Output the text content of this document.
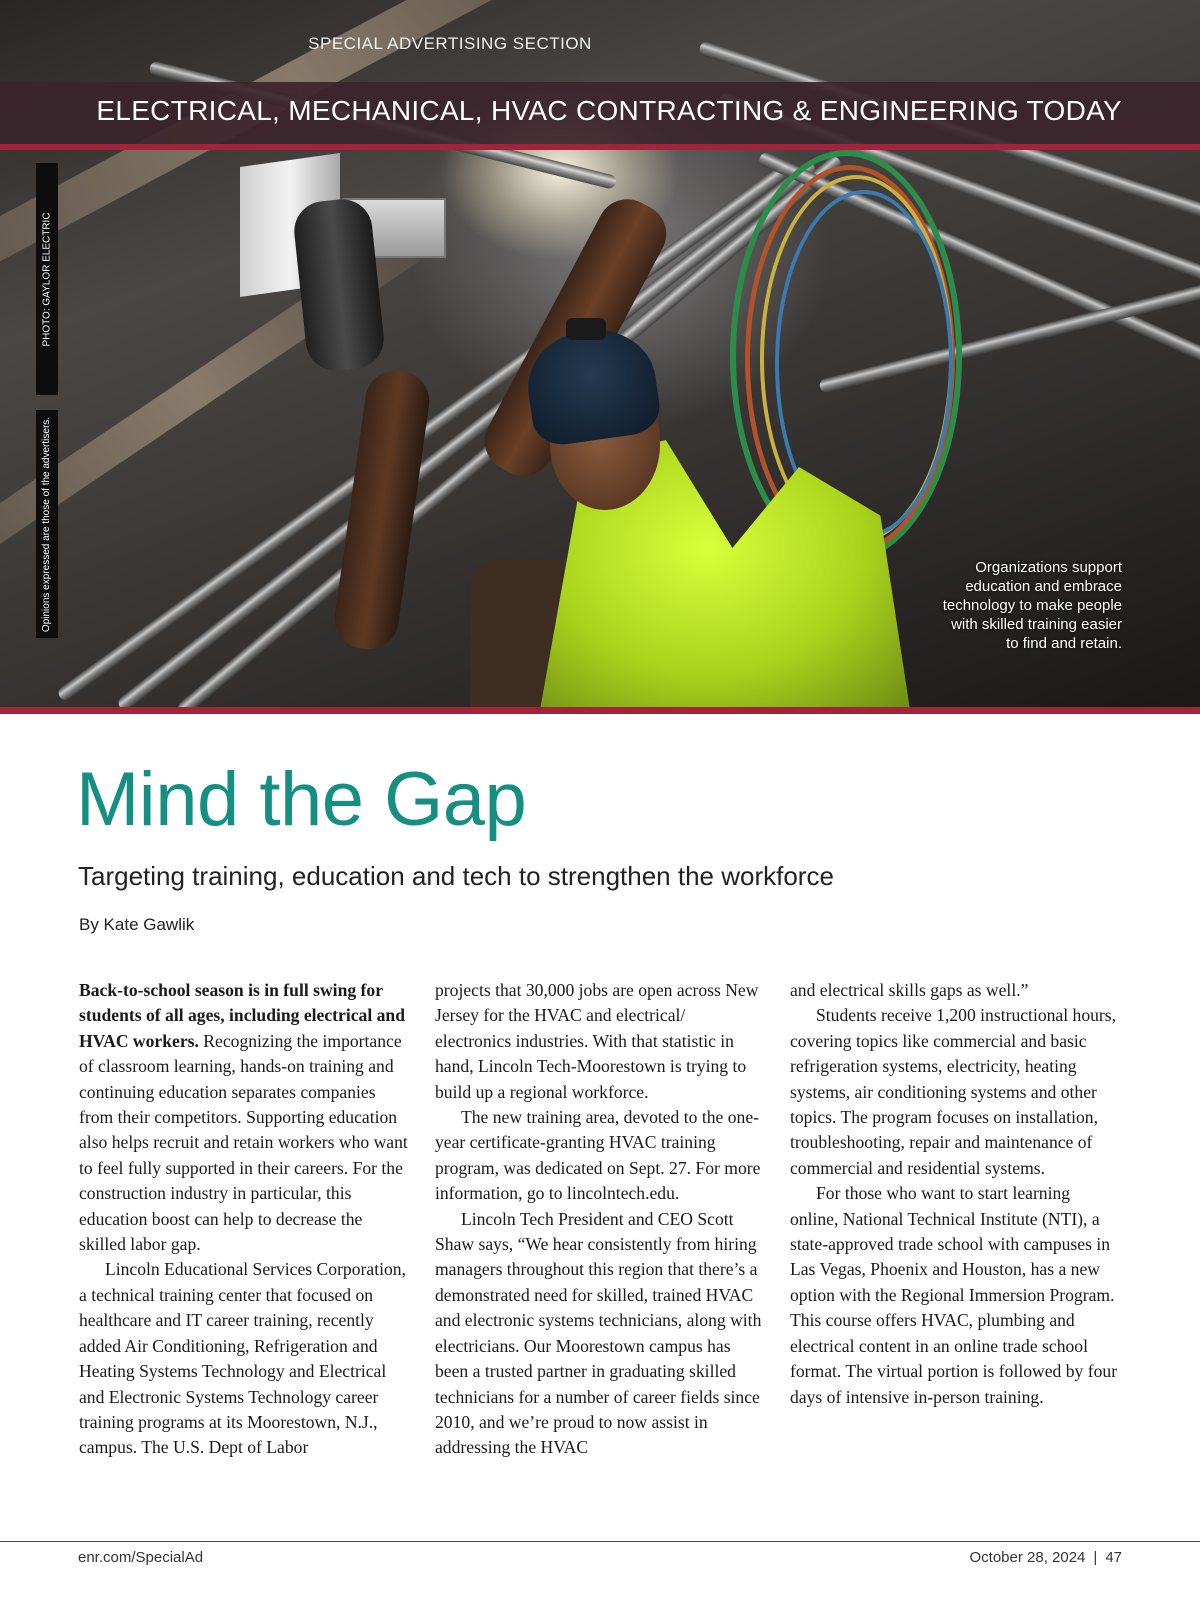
SPECIAL ADVERTISING SECTION
ELECTRICAL, MECHANICAL, HVAC CONTRACTING & ENGINEERING TODAY
PHOTO: GAYLOR ELECTRIC
Opinions expressed are those of the advertisers.	Organizations support education and embrace technology to make people with skilled training easier to find and retain.
Mind the Gap
Targeting training, education and tech to strengthen the workforce
By Kate Gawlik

Back-to-school season is in full swing for students of all ages, including electrical and HVAC workers. Recognizing the importance of classroom learning, hands-on training and continuing education separates companies from their competitors. Supporting education also helps recruit and retain workers who want to feel fully supported in their careers. For the construction industry in particular, this education boost can help to decrease the skilled labor gap.

Lincoln Educational Services Corporation, a technical training center that focused on healthcare and IT career training, recently added Air Conditioning, Refrigeration and Heating Systems Technology and Electrical and Electronic Systems Technology career training programs at its Moorestown, N.J., campus. The U.S. Dept of Labor

projects that 30,000 jobs are open across New Jersey for the HVAC and electrical/ electronics industries. With that statistic in hand, Lincoln Tech-Moorestown is trying to build up a regional workforce.

The new training area, devoted to the one-year certificate-granting HVAC training program, was dedicated on Sept. 27. For more information, go to lincolntech.edu.

Lincoln Tech President and CEO Scott Shaw says, “We hear consistently from hiring managers throughout this region that there’s a demonstrated need for skilled, trained HVAC and electronic systems technicians, along with electricians. Our Moorestown campus has been a trusted partner in graduating skilled technicians for a number of career fields since 2010, and we’re proud to now assist in addressing the HVAC

and electrical skills gaps as well.”

Students receive 1,200 instructional hours, covering topics like commercial and basic refrigeration systems, electricity, heating systems, air conditioning systems and other topics. The program focuses on installation, troubleshooting, repair and maintenance of commercial and residential systems.

For those who want to start learning online, National Technical Institute (NTI), a state-approved trade school with campuses in Las Vegas, Phoenix and Houston, has a new option with the Regional Immersion Program. This course offers HVAC, plumbing and electrical content in an online trade school format. The virtual portion is followed by four days of intensive in-person training.

enr.com/SpecialAd	October 28, 2024 | 47
